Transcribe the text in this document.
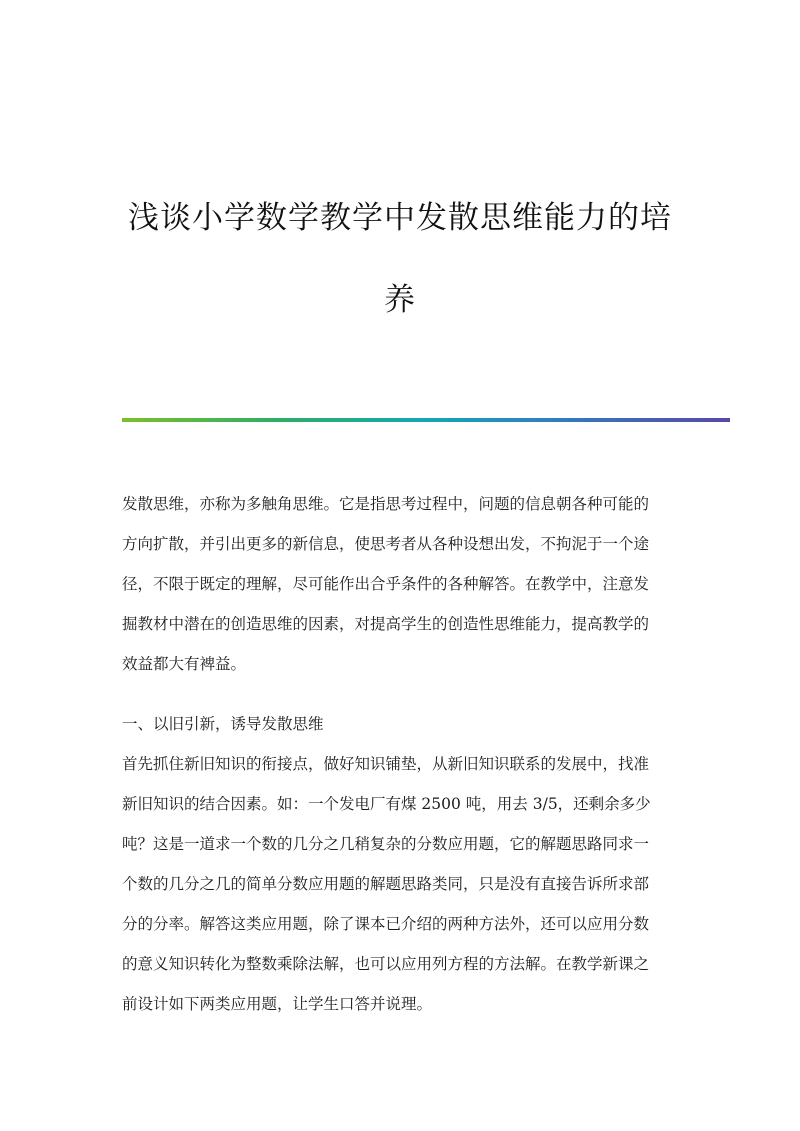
浅谈小学数学教学中发散思维能力的培
养
发散思维，亦称为多触角思维。它是指思考过程中，问题的信息朝各种可能的
方向扩散，并引出更多的新信息，使思考者从各种设想出发，不拘泥于一个途
径，不限于既定的理解，尽可能作出合乎条件的各种解答。在教学中，注意发
掘教材中潜在的创造思维的因素，对提高学生的创造性思维能力，提高教学的
效益都大有裨益。
一、以旧引新，诱导发散思维
首先抓住新旧知识的衔接点，做好知识铺垫，从新旧知识联系的发展中，找准
新旧知识的结合因素。如：一个发电厂有煤 2500 吨，用去 3/5，还剩余多少
吨？这是一道求一个数的几分之几稍复杂的分数应用题，它的解题思路同求一
个数的几分之几的简单分数应用题的解题思路类同，只是没有直接告诉所求部
分的分率。解答这类应用题，除了课本已介绍的两种方法外，还可以应用分数
的意义知识转化为整数乘除法解，也可以应用列方程的方法解。在教学新课之
前设计如下两类应用题，让学生口答并说理。
